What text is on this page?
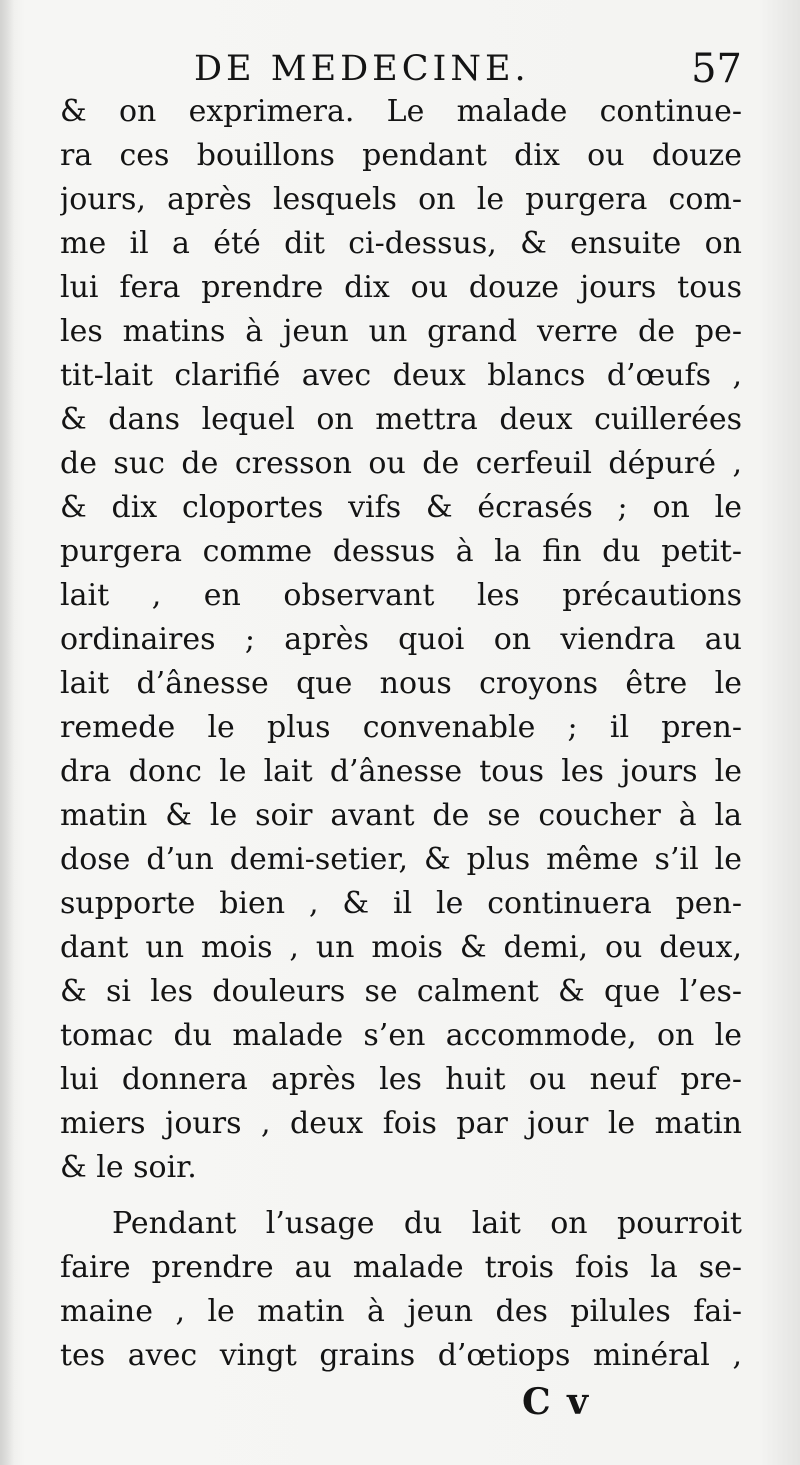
DE MEDECINE.	57
& on exprimera. Le malade continue-
ra ces bouillons pendant dix ou douze
jours, après lesquels on le purgera com-
me il a été dit ci-dessus, & ensuite on
lui fera prendre dix ou douze jours tous
les matins à jeun un grand verre de pe-
tit-lait clarifié avec deux blancs d’œufs ,
& dans lequel on mettra deux cuillerées
de suc de cresson ou de cerfeuil dépuré ,
& dix cloportes vifs & écrasés ; on le
purgera comme dessus à la fin du petit-
lait , en observant les précautions
ordinaires ; après quoi on viendra au
lait d’ânesse que nous croyons être le
remede le plus convenable ; il pren-
dra donc le lait d’ânesse tous les jours le
matin & le soir avant de se coucher à la
dose d’un demi-setier, & plus même s’il le
supporte bien , & il le continuera pen-
dant un mois , un mois & demi, ou deux,
& si les douleurs se calment & que l’es-
tomac du malade s’en accommode, on le
lui donnera après les huit ou neuf pre-
miers jours , deux fois par jour le matin
& le soir.
Pendant l’usage du lait on pourroit
faire prendre au malade trois fois la se-
maine , le matin à jeun des pilules fai-
tes avec vingt grains d’œtiops minéral ,
C v
